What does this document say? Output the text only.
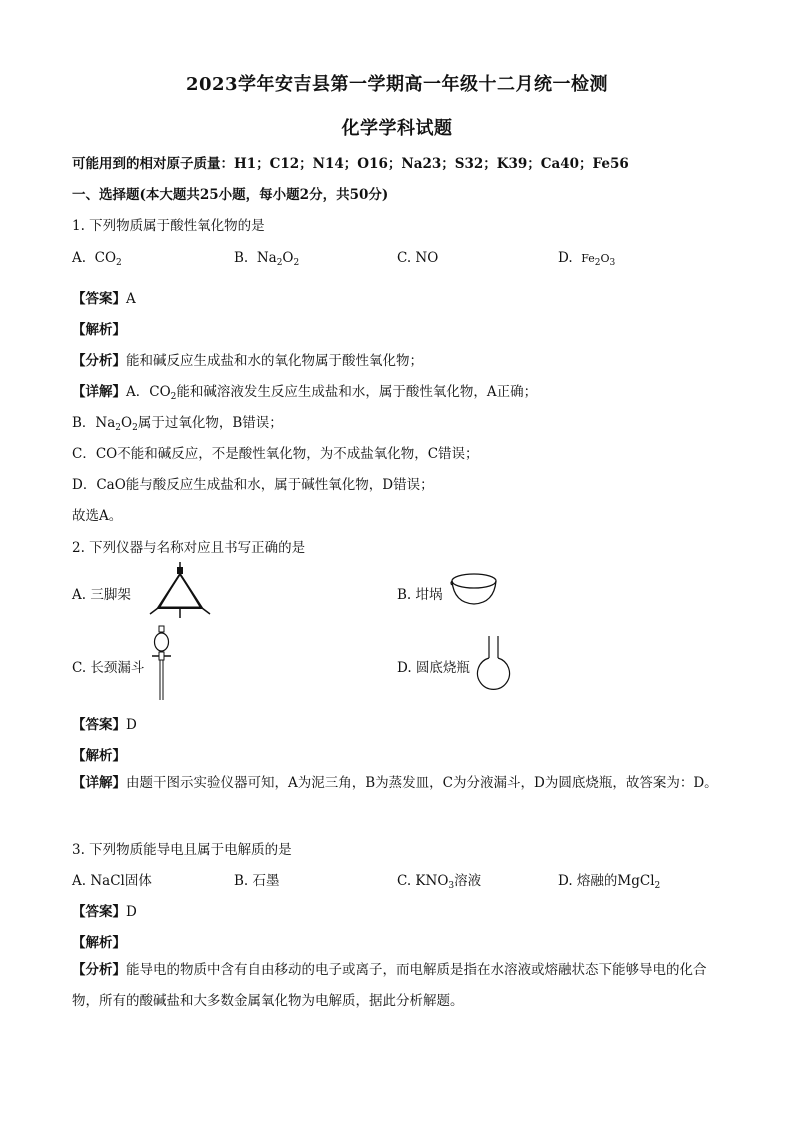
2023学年安吉县第一学期高一年级十二月统一检测
化学学科试题
可能用到的相对原子质量：H1；C12；N14；O16；Na23；S32；K39；Ca40；Fe56
一、选择题(本大题共25小题，每小题2分，共50分)
1. 下列物质属于酸性氧化物的是
A. $CO_2$	B. $Na_2O_2$	C. NO	D. $Fe_2O_3$
【答案】A
【解析】
【分析】能和碱反应生成盐和水的氧化物属于酸性氧化物；
【详解】A．$CO_2$能和碱溶液发生反应生成盐和水，属于酸性氧化物，A正确；
B．$Na_2O_2$属于过氧化物，B错误；
C．CO不能和碱反应，不是酸性氧化物，为不成盐氧化物，C错误；
D．CaO能与酸反应生成盐和水，属于碱性氧化物，D错误；
故选A。
2. 下列仪器与名称对应且书写正确的是
A. 三脚架	B. 坩埚
C. 长颈漏斗	D. 圆底烧瓶
【答案】D
【解析】
【详解】由题干图示实验仪器可知，A为泥三角，B为蒸发皿，C为分液漏斗，D为圆底烧瓶，故答案为：D。
3. 下列物质能导电且属于电解质的是
A. NaCl固体	B. 石墨	C. $KNO_3$溶液	D. 熔融的MgCl$_2$
【答案】D
【解析】
【分析】能导电的物质中含有自由移动的电子或离子，而电解质是指在水溶液或熔融状态下能够导电的化合物，所有的酸碱盐和大多数金属氧化物为电解质，据此分析解题。
